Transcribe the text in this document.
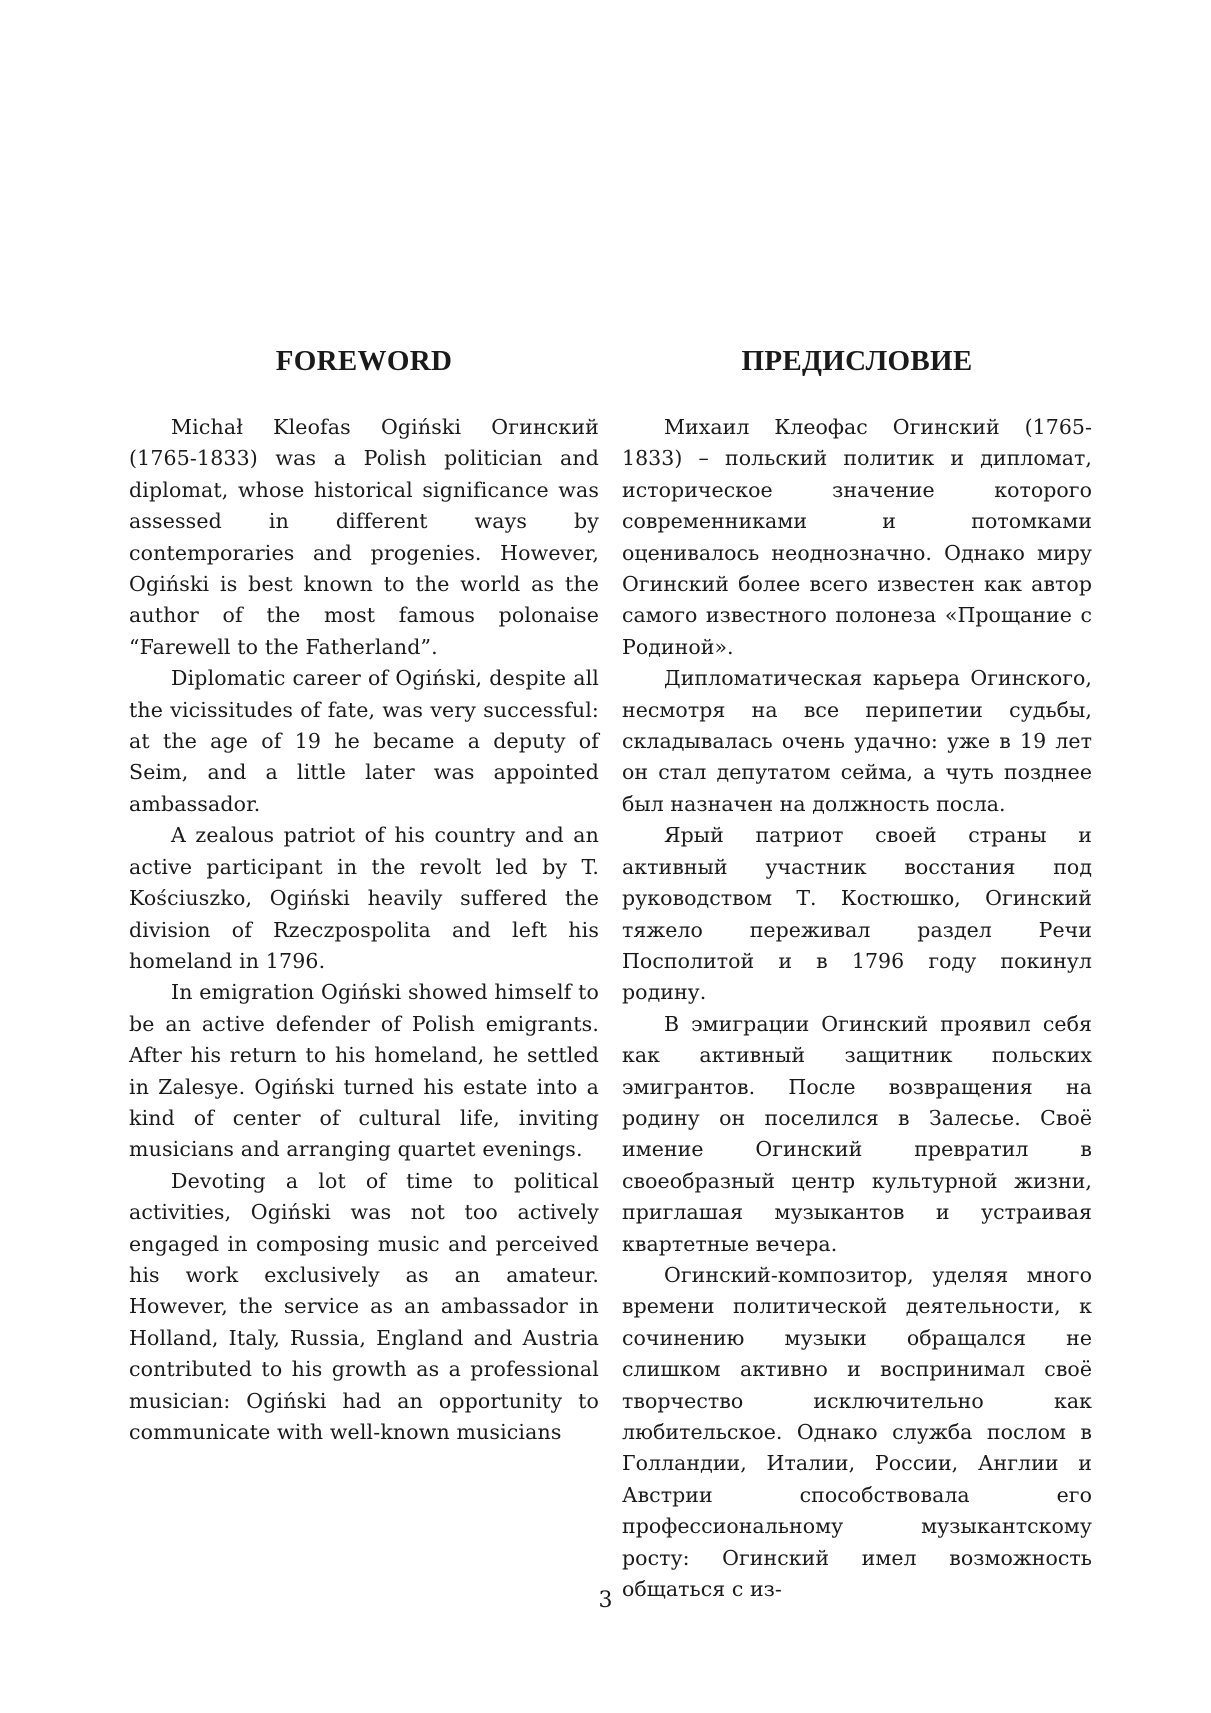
FOREWORD

Michał Kleofas Ogiński Огинский (1765-1833) was a Polish politician and diplomat, whose historical significance was assessed in different ways by contemporaries and progenies. However, Ogiński is best known to the world as the author of the most famous polonaise “Farewell to the Fatherland”.

Diplomatic career of Ogiński, despite all the vicissitudes of fate, was very successful: at the age of 19 he became a deputy of Seim, and a little later was appointed ambassador.

A zealous patriot of his country and an active participant in the revolt led by T. Kościuszko, Ogiński heavily suffered the division of Rzeczpospolita and left his homeland in 1796.

In emigration Ogiński showed himself to be an active defender of Polish emigrants. After his return to his homeland, he settled in Zalesye. Ogiński turned his estate into a kind of center of cultural life, inviting musicians and arranging quartet evenings.

Devoting a lot of time to political activities, Ogiński was not too actively engaged in composing music and perceived his work exclusively as an amateur. However, the service as an ambassador in Holland, Italy, Russia, England and Austria contributed to his growth as a professional musician: Ogiński had an opportunity to communicate with well-known musicians

ПРЕДИСЛОВИЕ

Михаил Клеофас Огинский (1765-1833) – польский политик и дипломат, историческое значение которого современниками и потомками оценивалось неоднозначно. Однако миру Огинский более всего известен как автор самого известного полонеза «Прощание с Родиной».

Дипломатическая карьера Огинского, несмотря на все перипетии судьбы, складывалась очень удачно: уже в 19 лет он стал депутатом сейма, а чуть позднее был назначен на должность посла.

Ярый патриот своей страны и активный участник восстания под руководством Т. Костюшко, Огинский тяжело переживал раздел Речи Посполитой и в 1796 году покинул родину.

В эмиграции Огинский проявил себя как активный защитник польских эмигрантов. После возвращения на родину он поселился в Залесье. Своё имение Огинский превратил в своеобразный центр культурной жизни, приглашая музыкантов и устраивая квартетные вечера.

Огинский-композитор, уделяя много времени политической деятельности, к сочинению музыки обращался не слишком активно и воспринимал своё творчество исключительно как любительское. Однако служба послом в Голландии, Италии, России, Англии и Австрии способствовала его профессиональному музыкантскому росту: Огинский имел возможность общаться с из-

3
